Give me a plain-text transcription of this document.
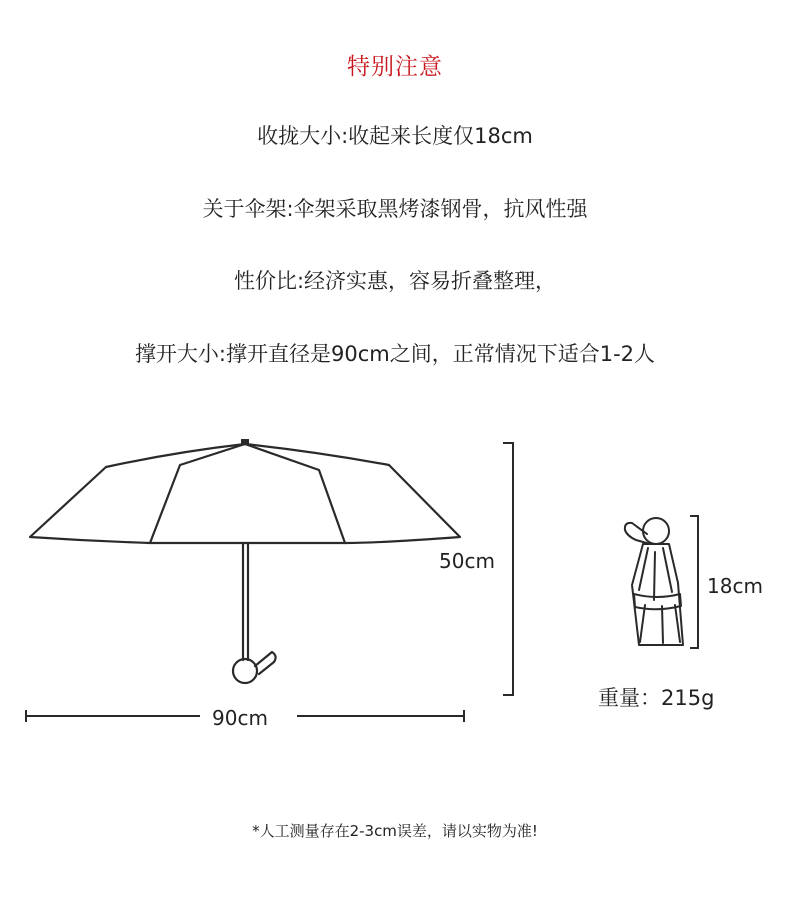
特别注意
收拢大小:收起来长度仅18cm
关于伞架:伞架采取黑烤漆钢骨，抗风性强
性价比:经济实惠，容易折叠整理，
撑开大小:撑开直径是90cm之间，正常情况下适合1-2人
50cm
90cm
18cm
重量：215g
*人工测量存在2-3cm误差，请以实物为准!
